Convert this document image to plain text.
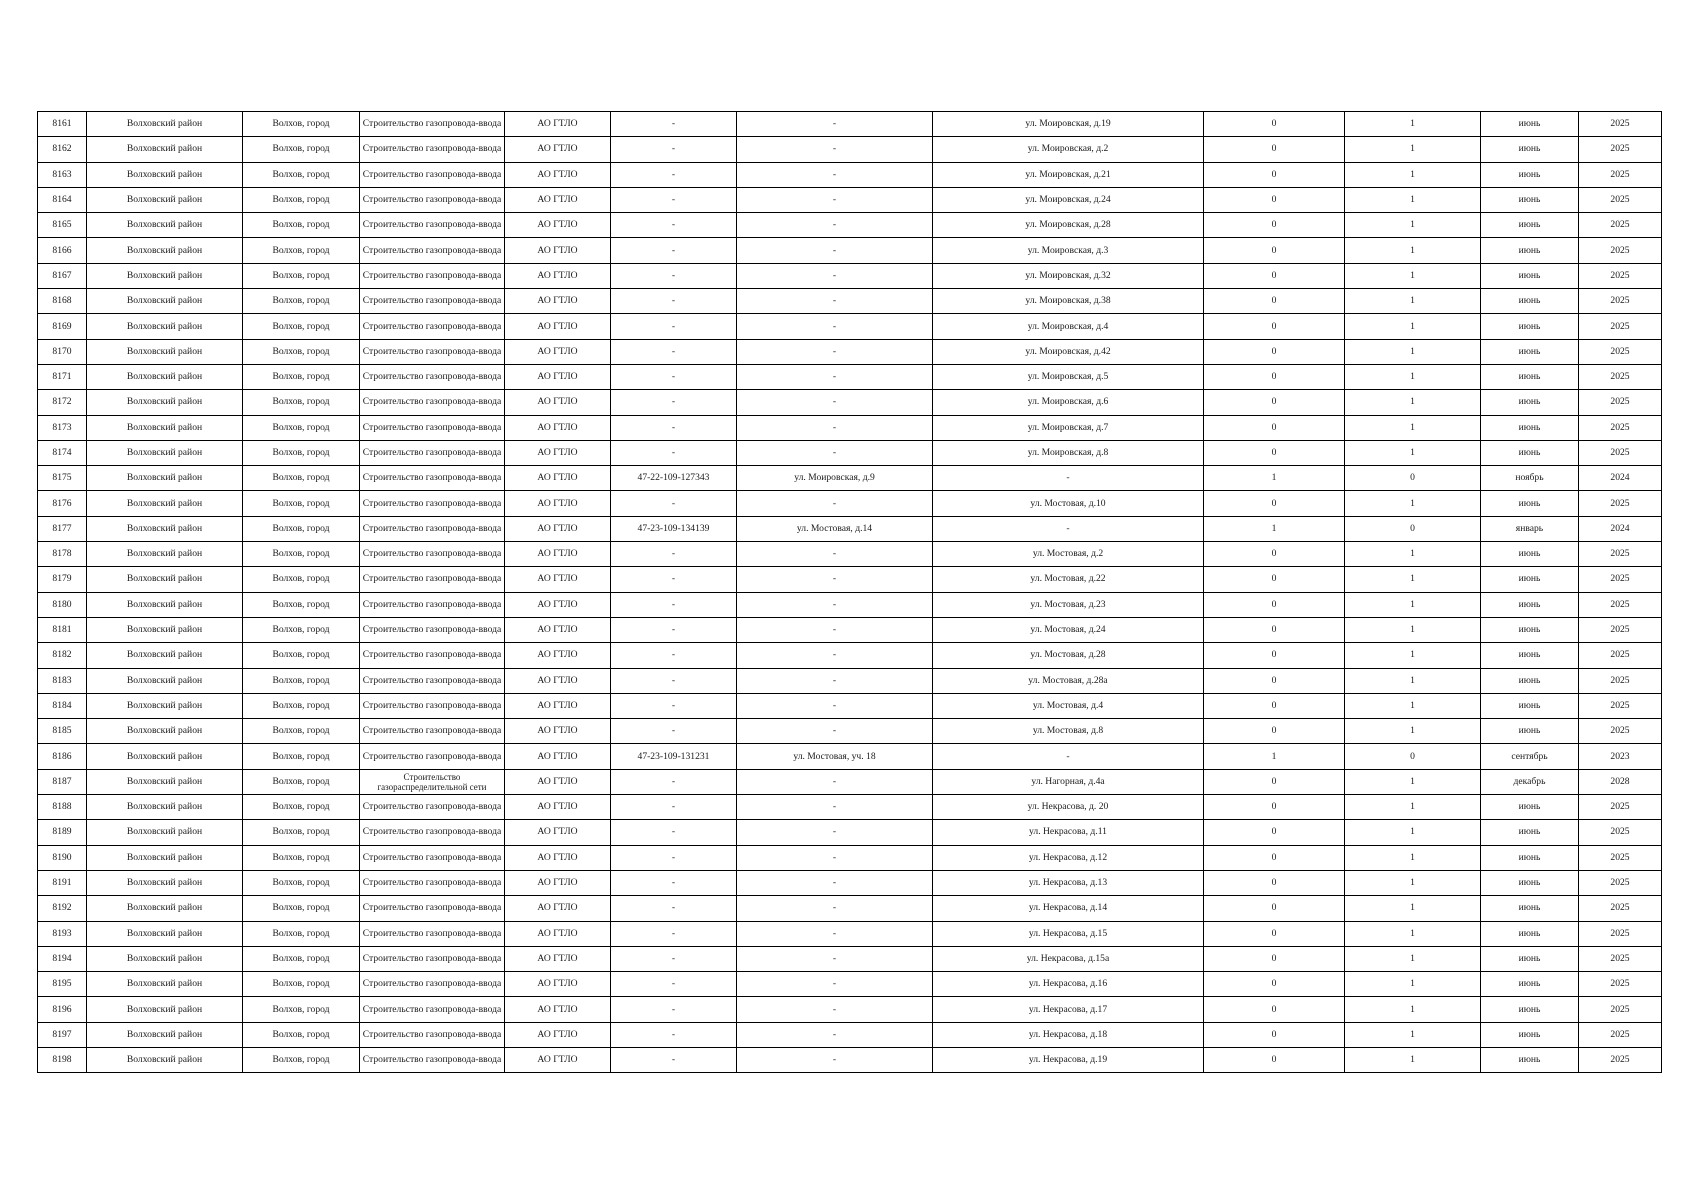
8161	Волховский район	Волхов, город	Строительство газопровода-ввода	АО ГТЛО	-	-	ул. Моировская, д.19	0	1	июнь	2025
8162	Волховский район	Волхов, город	Строительство газопровода-ввода	АО ГТЛО	-	-	ул. Моировская, д.2	0	1	июнь	2025
8163	Волховский район	Волхов, город	Строительство газопровода-ввода	АО ГТЛО	-	-	ул. Моировская, д.21	0	1	июнь	2025
8164	Волховский район	Волхов, город	Строительство газопровода-ввода	АО ГТЛО	-	-	ул. Моировская, д.24	0	1	июнь	2025
8165	Волховский район	Волхов, город	Строительство газопровода-ввода	АО ГТЛО	-	-	ул. Моировская, д.28	0	1	июнь	2025
8166	Волховский район	Волхов, город	Строительство газопровода-ввода	АО ГТЛО	-	-	ул. Моировская, д.3	0	1	июнь	2025
8167	Волховский район	Волхов, город	Строительство газопровода-ввода	АО ГТЛО	-	-	ул. Моировская, д.32	0	1	июнь	2025
8168	Волховский район	Волхов, город	Строительство газопровода-ввода	АО ГТЛО	-	-	ул. Моировская, д.38	0	1	июнь	2025
8169	Волховский район	Волхов, город	Строительство газопровода-ввода	АО ГТЛО	-	-	ул. Моировская, д.4	0	1	июнь	2025
8170	Волховский район	Волхов, город	Строительство газопровода-ввода	АО ГТЛО	-	-	ул. Моировская, д.42	0	1	июнь	2025
8171	Волховский район	Волхов, город	Строительство газопровода-ввода	АО ГТЛО	-	-	ул. Моировская, д.5	0	1	июнь	2025
8172	Волховский район	Волхов, город	Строительство газопровода-ввода	АО ГТЛО	-	-	ул. Моировская, д.6	0	1	июнь	2025
8173	Волховский район	Волхов, город	Строительство газопровода-ввода	АО ГТЛО	-	-	ул. Моировская, д.7	0	1	июнь	2025
8174	Волховский район	Волхов, город	Строительство газопровода-ввода	АО ГТЛО	-	-	ул. Моировская, д.8	0	1	июнь	2025
8175	Волховский район	Волхов, город	Строительство газопровода-ввода	АО ГТЛО	47-22-109-127343	ул. Моировская, д.9	-	1	0	ноябрь	2024
8176	Волховский район	Волхов, город	Строительство газопровода-ввода	АО ГТЛО	-	-	ул. Мостовая, д.10	0	1	июнь	2025
8177	Волховский район	Волхов, город	Строительство газопровода-ввода	АО ГТЛО	47-23-109-134139	ул. Мостовая, д.14	-	1	0	январь	2024
8178	Волховский район	Волхов, город	Строительство газопровода-ввода	АО ГТЛО	-	-	ул. Мостовая, д.2	0	1	июнь	2025
8179	Волховский район	Волхов, город	Строительство газопровода-ввода	АО ГТЛО	-	-	ул. Мостовая, д.22	0	1	июнь	2025
8180	Волховский район	Волхов, город	Строительство газопровода-ввода	АО ГТЛО	-	-	ул. Мостовая, д.23	0	1	июнь	2025
8181	Волховский район	Волхов, город	Строительство газопровода-ввода	АО ГТЛО	-	-	ул. Мостовая, д.24	0	1	июнь	2025
8182	Волховский район	Волхов, город	Строительство газопровода-ввода	АО ГТЛО	-	-	ул. Мостовая, д.28	0	1	июнь	2025
8183	Волховский район	Волхов, город	Строительство газопровода-ввода	АО ГТЛО	-	-	ул. Мостовая, д.28а	0	1	июнь	2025
8184	Волховский район	Волхов, город	Строительство газопровода-ввода	АО ГТЛО	-	-	ул. Мостовая, д.4	0	1	июнь	2025
8185	Волховский район	Волхов, город	Строительство газопровода-ввода	АО ГТЛО	-	-	ул. Мостовая, д.8	0	1	июнь	2025
8186	Волховский район	Волхов, город	Строительство газопровода-ввода	АО ГТЛО	47-23-109-131231	ул. Мостовая, уч. 18	-	1	0	сентябрь	2023
8187	Волховский район	Волхов, город	Строительство газораспределительной сети	АО ГТЛО	-	-	ул. Нагорная, д.4а	0	1	декабрь	2028
8188	Волховский район	Волхов, город	Строительство газопровода-ввода	АО ГТЛО	-	-	ул. Некрасова, д. 20	0	1	июнь	2025
8189	Волховский район	Волхов, город	Строительство газопровода-ввода	АО ГТЛО	-	-	ул. Некрасова, д.11	0	1	июнь	2025
8190	Волховский район	Волхов, город	Строительство газопровода-ввода	АО ГТЛО	-	-	ул. Некрасова, д.12	0	1	июнь	2025
8191	Волховский район	Волхов, город	Строительство газопровода-ввода	АО ГТЛО	-	-	ул. Некрасова, д.13	0	1	июнь	2025
8192	Волховский район	Волхов, город	Строительство газопровода-ввода	АО ГТЛО	-	-	ул. Некрасова, д.14	0	1	июнь	2025
8193	Волховский район	Волхов, город	Строительство газопровода-ввода	АО ГТЛО	-	-	ул. Некрасова, д.15	0	1	июнь	2025
8194	Волховский район	Волхов, город	Строительство газопровода-ввода	АО ГТЛО	-	-	ул. Некрасова, д.15а	0	1	июнь	2025
8195	Волховский район	Волхов, город	Строительство газопровода-ввода	АО ГТЛО	-	-	ул. Некрасова, д.16	0	1	июнь	2025
8196	Волховский район	Волхов, город	Строительство газопровода-ввода	АО ГТЛО	-	-	ул. Некрасова, д.17	0	1	июнь	2025
8197	Волховский район	Волхов, город	Строительство газопровода-ввода	АО ГТЛО	-	-	ул. Некрасова, д.18	0	1	июнь	2025
8198	Волховский район	Волхов, город	Строительство газопровода-ввода	АО ГТЛО	-	-	ул. Некрасова, д.19	0	1	июнь	2025
